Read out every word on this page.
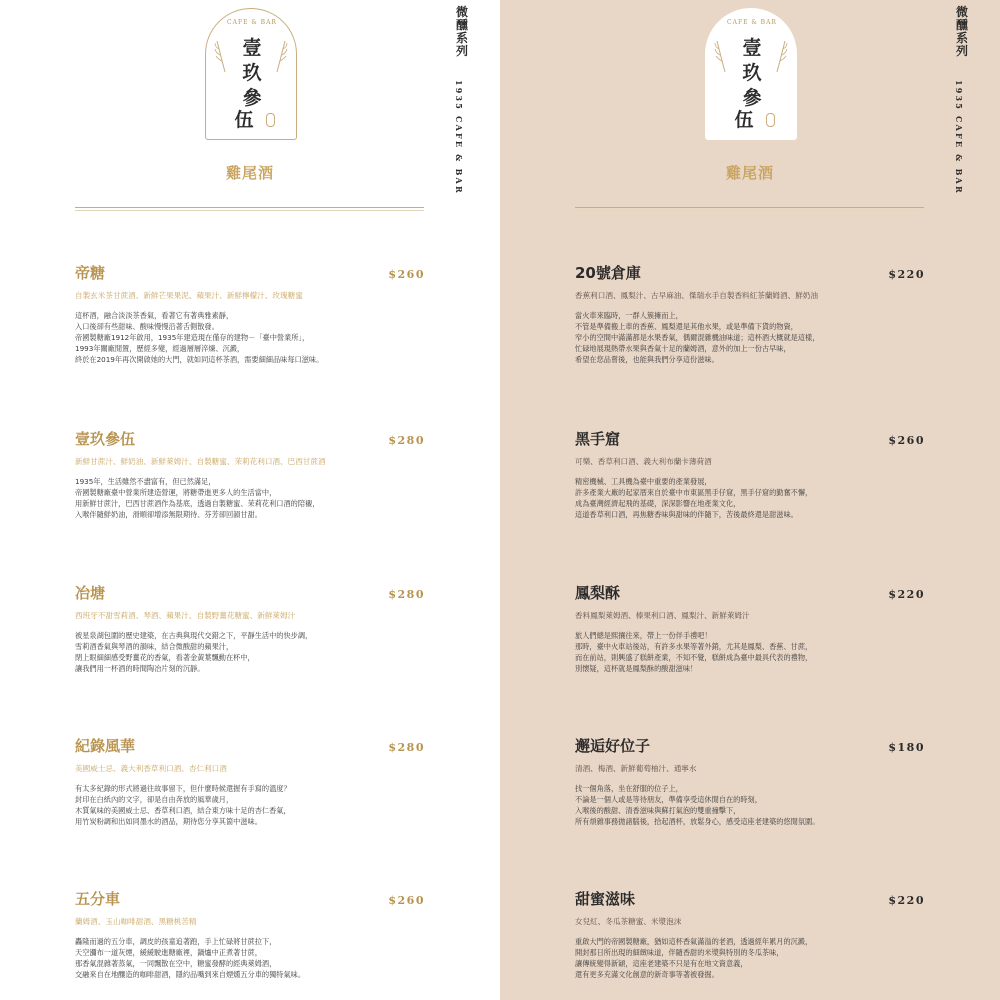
CAFE & BAR
壹
玖
參
伍
微醺系列
1935 CAFE & BAR
雞尾酒
帝糖	$260
自製玄米茶甘蔗酒、新鮮芒果果泥、蘋果汁、新鮮檸檬汁、玫瑰糖蜜
這杯酒，融合淡淡茶香氣，看著它有著典雅素靜，
入口後卻有些甜味、酸味慢慢沿著舌側散發。
帝國製糖廠1912年啟用，1935年建造現在僅存的建物－「臺中營業所」，
1993年關廠閒置，歷經多變，經過層層淬煉、沉澱，
終於在2019年再次開啟她的大門，就如同這杯茶酒，需要細細品味每口滋味。
壹玖參伍	$280
新鮮甘蔗汁、鮮奶油、新鮮萊姆汁、自製糖蜜、茉莉花利口酒、巴西甘蔗酒
1935年，生活雖然不盡富有，但已然滿足，
帝國製糖廠臺中營業所建造營運，將糖帶進更多人的生活當中，
用新鮮甘蔗汁，巴西甘蔗酒作為基底，透過自製糖蜜、茉莉花利口酒的陪襯，
入喉伴隨鮮奶油，滑順卻增添無限期待、芬芳卻回韻甘甜。
冶塘	$280
西班牙不甜雪莉酒、琴酒、蘋果汁、自製野薑花糖蜜、新鮮萊姆汁
被星泉湖包圍的歷史建築，在古典與現代交錯之下，平靜生活中的快步調，
雪莉酒香氣與琴酒的韻味，結合微酸甜的蘋果汁，
閉上眼細細感受野薑花的香氣，看著金黃葉飄動在杯中，
讓我們用一杯酒的時間陶冶片刻的沉靜。
紀錄風華	$280
美國威士忌、義大利香草利口酒、杏仁利口酒
有太多紀錄的形式將過往故事留下，但什麼時候還握有手寫的溫度？
封印在白紙內的文字，卻是自由奔放的風華歲月，
木質氣味的美國威士忌、香草利口酒，結合東方味十足的杏仁香氣，
用竹炭粉調和出如同墨水的酒品，期待您分享其箇中滋味。
五分車	$260
蘭姆酒、玉山咖啡甜酒、黑糖桃苦精
轟隆而過的五分車，調皮的孩童追著跑，手上忙碌將甘蔗拉下，
天空瀰布一道灰煙，緩緩駛進糖廠裡，鍋爐中正煮著甘蔗，
那香氣混雜著蒸氣，一同飄散在空中，糖蜜發酵的經典萊姆酒，
交融來自在地釀造的咖啡甜酒，隱約品嘴到來自煙燻五分車的獨特氣味。
CAFE & BAR
壹
玖
參
伍
微醺系列
1935 CAFE & BAR
雞尾酒
20號倉庫	$220
香蕉利口酒、鳳梨汁、古早麻油、傑瑞水手自製香料紅茶蘭姆酒、鮮奶油
當火車來臨時，一群人簇擁而上，
不管是準備搬上車的香蕉、鳳梨還是其他水果，或是準備下貨的物資，
窄小的空間中滿滿都是水果香氣，偶爾混雜機油味道；這杯酒大概就是這樣，
忙碌地展現熱帶水果與香氣十足的蘭姆酒，意外的加上一份古早味，
希望在您品嘗後，也能與我們分享這份滋味。
黑手窟	$260
可樂、香草利口酒、義大利布蘭卡薄荷酒
精密機械、工具機為臺中重要的產業發展，
許多產業大廠的起家厝來自於臺中市東區黑手仔窟，黑手仔窟的勤奮不懈，
成為臺灣經濟起飛的基礎，深深影響在地產業文化，
這道香草利口酒，再焦糖香味與甜味的伴隨下，苦後最終還是甜滋味。
鳳梨酥	$220
香料鳳梨萊姆酒、榛果利口酒、鳳梨汁、新鮮萊姆汁
旅人們總是熙攘往來，帶上一份伴手禮吧！
那時，臺中火車站後站，有許多水果等著外銷，尤其是鳳梨、香蕉、甘蔗，
而在前站，則興盛了糕餅產業，不知不覺，糕餅成為臺中最具代表的禮物，
別懷疑，這杯就是鳳梨酥的酸甜滋味！
邂逅好位子	$180
清酒、梅酒、新鮮葡萄柚汁、通寧水
找一個角落，坐在舒服的位子上，
不論是一個人或是等待朋友，準備享受這休閒自在的時刻，
入喉後的酸甜、清香滋味與蘇打氣泡的雙重撞擊下，
所有煩雜事務拋諸腦後，拾起酒杯，放鬆身心，感受這座老建築的悠閒氛圍。
甜蜜滋味	$220
女兒紅、冬瓜茶糖蜜、米漿泡沫
重啟大門的帝國製糖廠，猶如這杯香氣滿溢的老酒，透過經年累月的沉澱，
開封那日所出現的細緻味道，伴隨香甜的米漿與特別的冬瓜茶味，
讓傳統變得新穎，這座老建築不只是有在地文資意義，
還有更多充滿文化創意的新奇事等著被發掘。
